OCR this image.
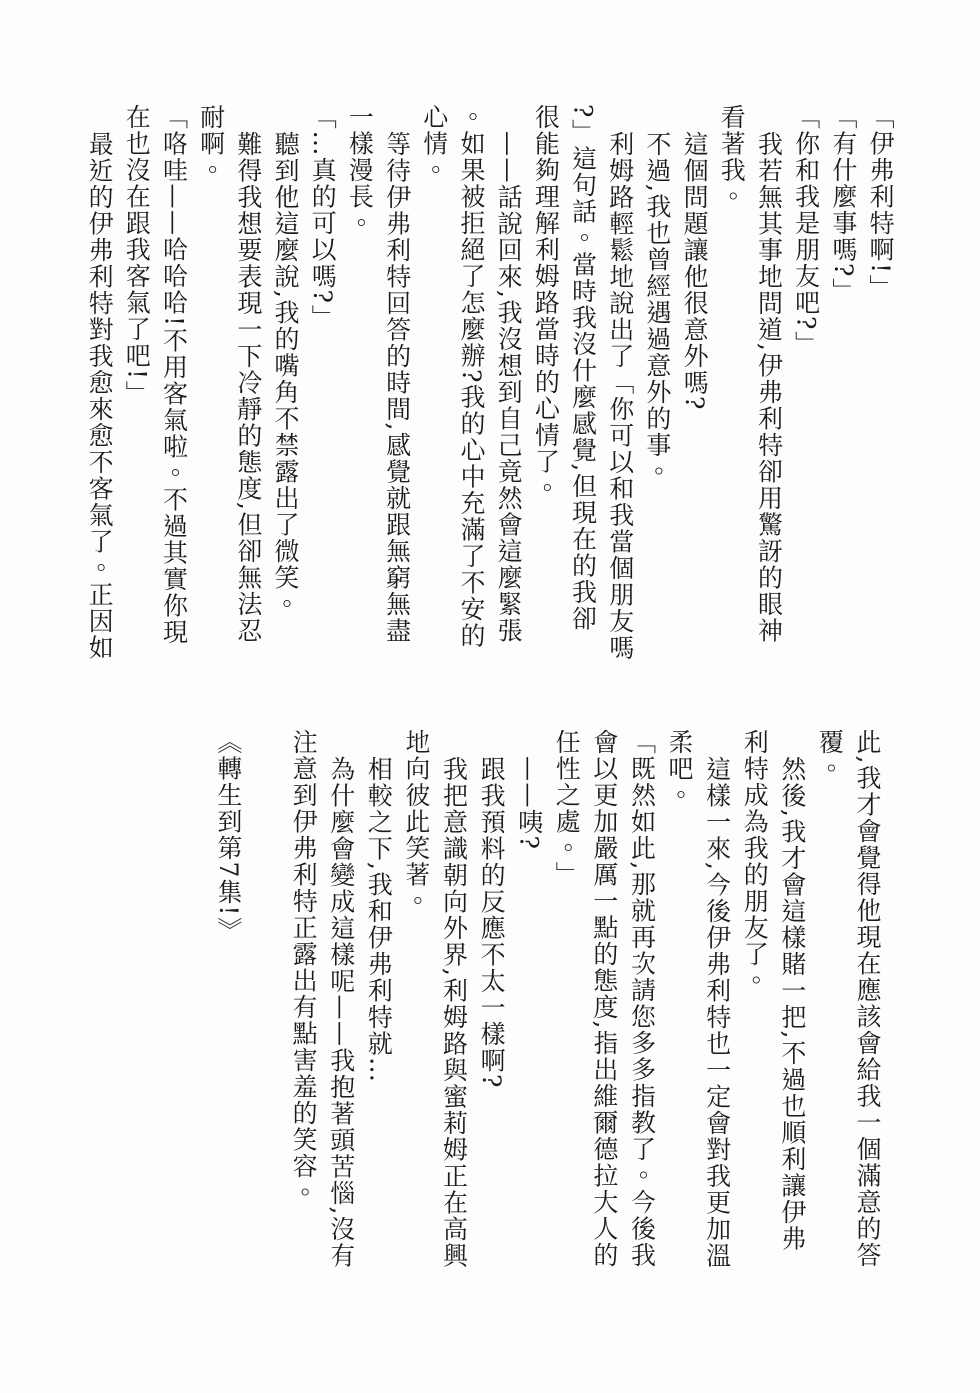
「伊弗利特啊!」
「有什麼事嗎?」
「你和我是朋友吧?」
我若無其事地問道,伊弗利特卻用驚訝的眼神
看著我。
這個問題讓他很意外嗎?
不過,我也曾經遇過意外的事。
利姆路輕鬆地說出了「你可以和我當個朋友嗎
?」這句話。當時我沒什麼感覺,但現在的我卻
很能夠理解利姆路當時的心情了。
——話說回來,我沒想到自己竟然會這麼緊張
。如果被拒絕了怎麼辦?我的心中充滿了不安的
心情。
等待伊弗利特回答的時間,感覺就跟無窮無盡
一樣漫長。
「…真的可以嗎?」
聽到他這麼說,我的嘴角不禁露出了微笑。
難得我想要表現一下冷靜的態度,但卻無法忍
耐啊。
「咯哇——哈哈哈!不用客氣啦。不過其實你現
在也沒在跟我客氣了吧!」
最近的伊弗利特對我愈來愈不客氣了。正因如
此,我才會覺得他現在應該會給我一個滿意的答
覆。
然後,我才會這樣賭一把,不過也順利讓伊弗
利特成為我的朋友了。
這樣一來,今後伊弗利特也一定會對我更加溫
柔吧。
「既然如此,那就再次請您多多指教了。今後我
會以更加嚴厲一點的態度,指出維爾德拉大人的
任性之處。」
——咦?
跟我預料的反應不太一樣啊?
我把意識朝向外界,利姆路與蜜莉姆正在高興
地向彼此笑著。
相較之下,我和伊弗利特就…
為什麼會變成這樣呢——我抱著頭苦惱,沒有
注意到伊弗利特正露出有點害羞的笑容。
《轉生到第7集!》
